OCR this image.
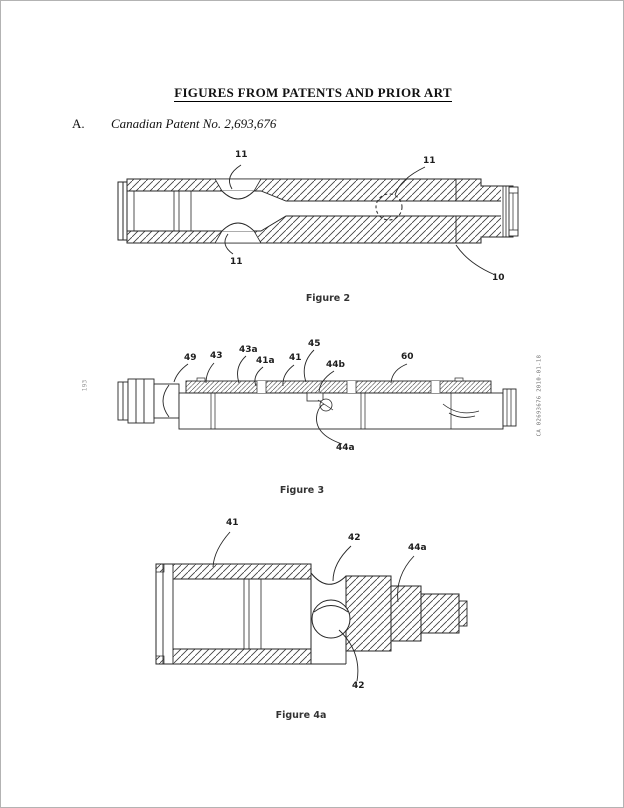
FIGURES FROM PATENTS AND PRIOR ART
A. Canadian Patent No. 2,693,676
11
11
11
10
Figure 2
49 43
43a
41a 41
45
44b
60
44a
Figure 3
193	CA 02693676 2010-01-18
41
42
44a
42
Figure 4a
